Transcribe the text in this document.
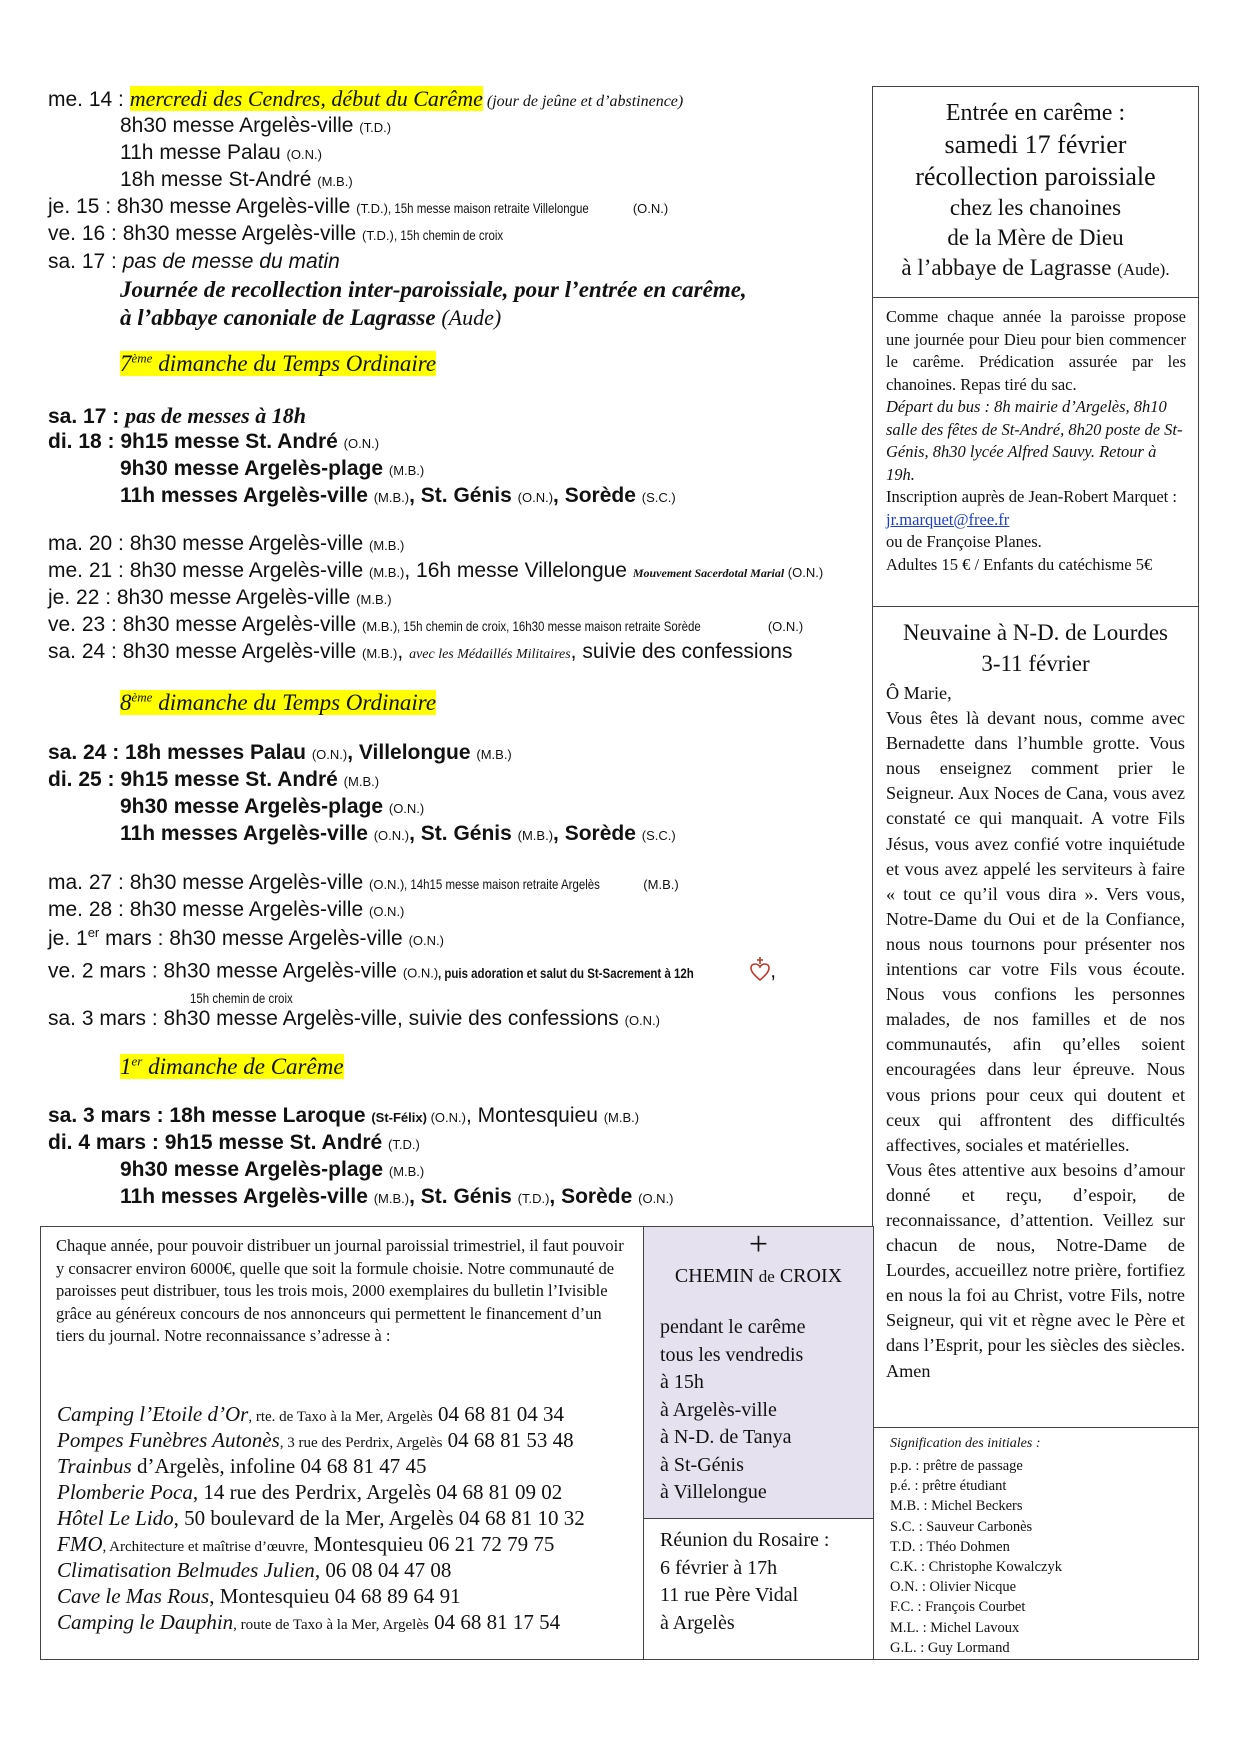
me. 14 : mercredi des Cendres, début du Carême (jour de jeûne et d’abstinence)
8h30 messe Argelès-ville (T.D.)
11h messe Palau (O.N.)
18h messe St-André (M.B.)
je. 15 : 8h30 messe Argelès-ville (T.D.), 15h messe maison retraite Villelongue	(O.N.)
ve. 16 : 8h30 messe Argelès-ville (T.D.), 15h chemin de croix
sa. 17 : pas de messe du matin
Journée de recollection inter-paroissiale, pour l’entrée en carême,
à l’abbaye canoniale de Lagrasse (Aude)
7ème dimanche du Temps Ordinaire
sa. 17 : pas de messes à 18h
di. 18 : 9h15 messe St. André (O.N.)
9h30 messe Argelès-plage (M.B.)
11h messes Argelès-ville (M.B.), St. Génis (O.N.), Sorède (S.C.)
ma. 20 : 8h30 messe Argelès-ville (M.B.)
me. 21 : 8h30 messe Argelès-ville (M.B.), 16h messe Villelongue Mouvement Sacerdotal Marial (O.N.)
je. 22 : 8h30 messe Argelès-ville (M.B.)
ve. 23 : 8h30 messe Argelès-ville (M.B.), 15h chemin de croix, 16h30 messe maison retraite Sorède	(O.N.)
sa. 24 : 8h30 messe Argelès-ville (M.B.), avec les Médaillés Militaires, suivie des confessions
8ème dimanche du Temps Ordinaire
sa. 24 : 18h messes Palau (O.N.), Villelongue (M.B.)
di. 25 : 9h15 messe St. André (M.B.)
9h30 messe Argelès-plage (O.N.)
11h messes Argelès-ville (O.N.), St. Génis (M.B.), Sorède (S.C.)
ma. 27 : 8h30 messe Argelès-ville (O.N.), 14h15 messe maison retraite Argelès	(M.B.)
me. 28 : 8h30 messe Argelès-ville (O.N.)
je. 1er mars : 8h30 messe Argelès-ville (O.N.)
ve. 2 mars : 8h30 messe Argelès-ville (O.N.), puis adoration et salut du St-Sacrement à 12h	,
15h chemin de croix
sa. 3 mars : 8h30 messe Argelès-ville, suivie des confessions (O.N.)
1er dimanche de Carême
sa. 3 mars : 18h messe Laroque (St-Félix) (O.N.), Montesquieu (M.B.)
di. 4 mars : 9h15 messe St. André (T.D.)
9h30 messe Argelès-plage (M.B.)
11h messes Argelès-ville (M.B.), St. Génis (T.D.), Sorède (O.N.)
Entrée en carême :
samedi 17 février
récollection paroissiale
chez les chanoines
de la Mère de Dieu
à l’abbaye de Lagrasse (Aude).
Comme chaque année la paroisse propose une journée pour Dieu pour bien commencer le carême. Prédication assurée par les chanoines. Repas tiré du sac.
Départ du bus : 8h mairie d’Argelès, 8h10 salle des fêtes de St-André, 8h20 poste de St-Génis, 8h30 lycée Alfred Sauvy. Retour à 19h.
Inscription auprès de Jean-Robert Marquet : jr.marquet@free.fr
ou de Françoise Planes.
Adultes 15 € / Enfants du catéchisme 5€
Neuvaine à N-D. de Lourdes
3-11 février
Ô Marie,
Vous êtes là devant nous, comme avec Bernadette dans l’humble grotte. Vous nous enseignez comment prier le Seigneur. Aux Noces de Cana, vous avez constaté ce qui manquait. A votre Fils Jésus, vous avez confié votre inquiétude et vous avez appelé les serviteurs à faire « tout ce qu’il vous dira ». Vers vous, Notre-Dame du Oui et de la Confiance, nous nous tournons pour présenter nos intentions car votre Fils vous écoute. Nous vous confions les personnes malades, de nos familles et de nos communautés, afin qu’elles soient encouragées dans leur épreuve. Nous vous prions pour ceux qui doutent et ceux qui affrontent des difficultés affectives, sociales et matérielles.
Vous êtes attentive aux besoins d’amour donné et reçu, d’espoir, de reconnaissance, d’attention. Veillez sur chacun de nous, Notre-Dame de Lourdes, accueillez notre prière, fortifiez en nous la foi au Christ, votre Fils, notre Seigneur, qui vit et règne avec le Père et dans l’Esprit, pour les siècles des siècles. Amen
Signification des initiales :
p.p. : prêtre de passage
p.é. : prêtre étudiant
M.B. : Michel Beckers
S.C. : Sauveur Carbonès
T.D. : Théo Dohmen
C.K. : Christophe Kowalczyk
O.N. : Olivier Nicque
F.C. : François Courbet
M.L. : Michel Lavoux
G.L. : Guy Lormand
Chaque année, pour pouvoir distribuer un journal paroissial trimestriel, il faut pouvoir y consacrer environ 6000€, quelle que soit la formule choisie. Notre communauté de paroisses peut distribuer, tous les trois mois, 2000 exemplaires du bulletin l’Ivisible grâce au généreux concours de nos annonceurs qui permettent le financement d’un tiers du journal. Notre reconnaissance s’adresse à :
Camping l’Etoile d’Or, rte. de Taxo à la Mer, Argelès 04 68 81 04 34
Pompes Funèbres Autonès, 3 rue des Perdrix, Argelès 04 68 81 53 48
Trainbus d’Argelès, infoline 04 68 81 47 45
Plomberie Poca, 14 rue des Perdrix, Argelès 04 68 81 09 02
Hôtel Le Lido, 50 boulevard de la Mer, Argelès 04 68 81 10 32
FMO, Architecture et maîtrise d’œuvre, Montesquieu 06 21 72 79 75
Climatisation Belmudes Julien, 06 08 04 47 08
Cave le Mas Rous, Montesquieu 04 68 89 64 91
Camping le Dauphin, route de Taxo à la Mer, Argelès 04 68 81 17 54
+
CHEMIN de CROIX
pendant le carême
tous les vendredis
à 15h
à Argelès-ville
à N-D. de Tanya
à St-Génis
à Villelongue
Réunion du Rosaire :
6 février à 17h
11 rue Père Vidal
à Argelès
